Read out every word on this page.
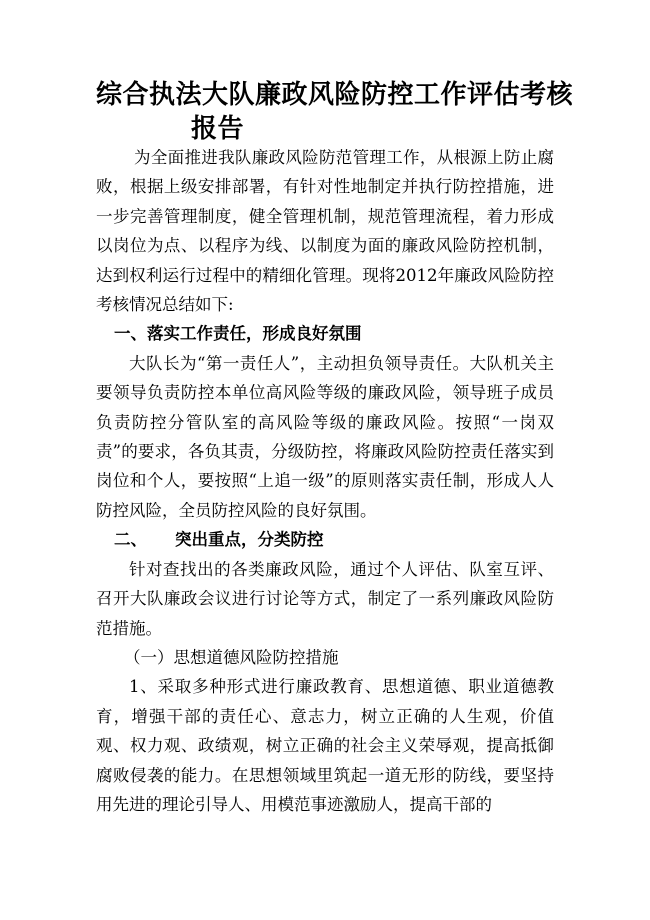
综合执法大队廉政风险防控工作评估考核
报告

为全面推进我队廉政风险防范管理工作，从根源上防止腐败，根据上级安排部署，有针对性地制定并执行防控措施，进一步完善管理制度，健全管理机制，规范管理流程，着力形成以岗位为点、以程序为线、以制度为面的廉政风险防控机制，达到权利运行过程中的精细化管理。现将2012年廉政风险防控考核情况总结如下:

一、落实工作责任，形成良好氛围

大队长为“第一责任人”，主动担负领导责任。大队机关主要领导负责防控本单位高风险等级的廉政风险，领导班子成员负责防控分管队室的高风险等级的廉政风险。按照“一岗双责”的要求，各负其责，分级防控，将廉政风险防控责任落实到岗位和个人，要按照“上追一级”的原则落实责任制，形成人人防控风险，全员防控风险的良好氛围。

二、 突出重点，分类防控

针对查找出的各类廉政风险，通过个人评估、队室互评、召开大队廉政会议进行讨论等方式，制定了一系列廉政风险防范措施。

（一）思想道德风险防控措施

1、采取多种形式进行廉政教育、思想道德、职业道德教育，增强干部的责任心、意志力，树立正确的人生观，价值观、权力观、政绩观，树立正确的社会主义荣辱观，提高抵御腐败侵袭的能力。在思想领域里筑起一道无形的防线，要坚持用先进的理论引导人、用模范事迹激励人，提高干部的
